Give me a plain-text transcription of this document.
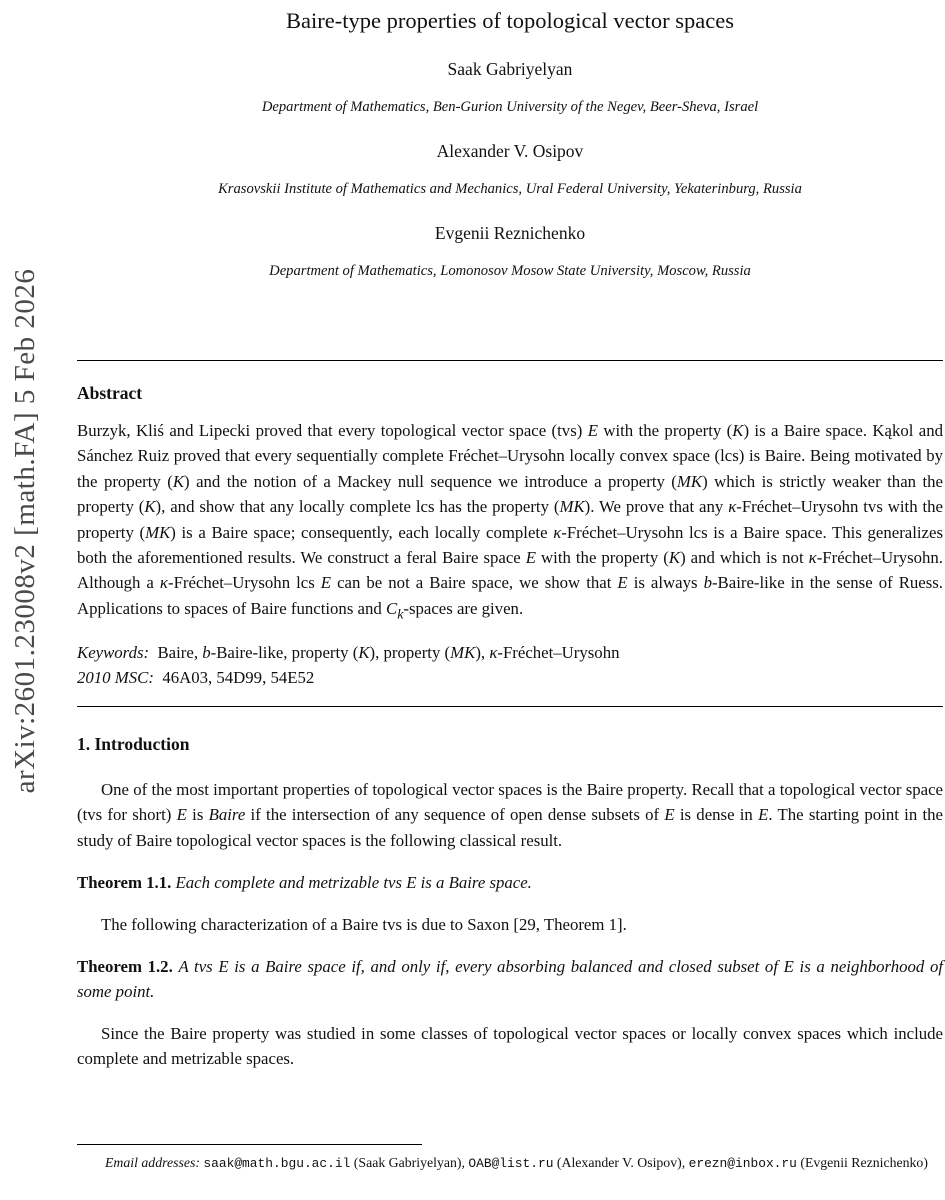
arXiv:2601.23008v2 [math.FA] 5 Feb 2026
Baire-type properties of topological vector spaces
Saak Gabriyelyan
Department of Mathematics, Ben-Gurion University of the Negev, Beer-Sheva, Israel
Alexander V. Osipov
Krasovskii Institute of Mathematics and Mechanics, Ural Federal University, Yekaterinburg, Russia
Evgenii Reznichenko
Department of Mathematics, Lomonosov Mosow State University, Moscow, Russia
Abstract

Burzyk, Kliś and Lipecki proved that every topological vector space (tvs) E with the property (K) is a Baire space. Kąkol and Sánchez Ruiz proved that every sequentially complete Fréchet–Urysohn locally convex space (lcs) is Baire. Being motivated by the property (K) and the notion of a Mackey null sequence we introduce a property (MK) which is strictly weaker than the property (K), and show that any locally complete lcs has the property (MK). We prove that any κ-Fréchet–Urysohn tvs with the property (MK) is a Baire space; consequently, each locally complete κ-Fréchet–Urysohn lcs is a Baire space. This generalizes both the aforementioned results. We construct a feral Baire space E with the property (K) and which is not κ-Fréchet–Urysohn. Although a κ-Fréchet–Urysohn lcs E can be not a Baire space, we show that E is always b-Baire-like in the sense of Ruess. Applications to spaces of Baire functions and $C_k$-spaces are given.

Keywords:  Baire, b-Baire-like, property (K), property (MK), κ-Fréchet–Urysohn

2010 MSC:  46A03, 54D99, 54E52

1. Introduction

One of the most important properties of topological vector spaces is the Baire property. Recall that a topological vector space (tvs for short) E is Baire if the intersection of any sequence of open dense subsets of E is dense in E. The starting point in the study of Baire topological vector spaces is the following classical result.

Theorem 1.1. Each complete and metrizable tvs E is a Baire space.

The following characterization of a Baire tvs is due to Saxon [29, Theorem 1].

Theorem 1.2. A tvs E is a Baire space if, and only if, every absorbing balanced and closed subset of E is a neighborhood of some point.

Since the Baire property was studied in some classes of topological vector spaces or locally convex spaces which include complete and metrizable spaces.

Email addresses: saak@math.bgu.ac.il (Saak Gabriyelyan), OAB@list.ru (Alexander V. Osipov), erezn@inbox.ru (Evgenii Reznichenko)
